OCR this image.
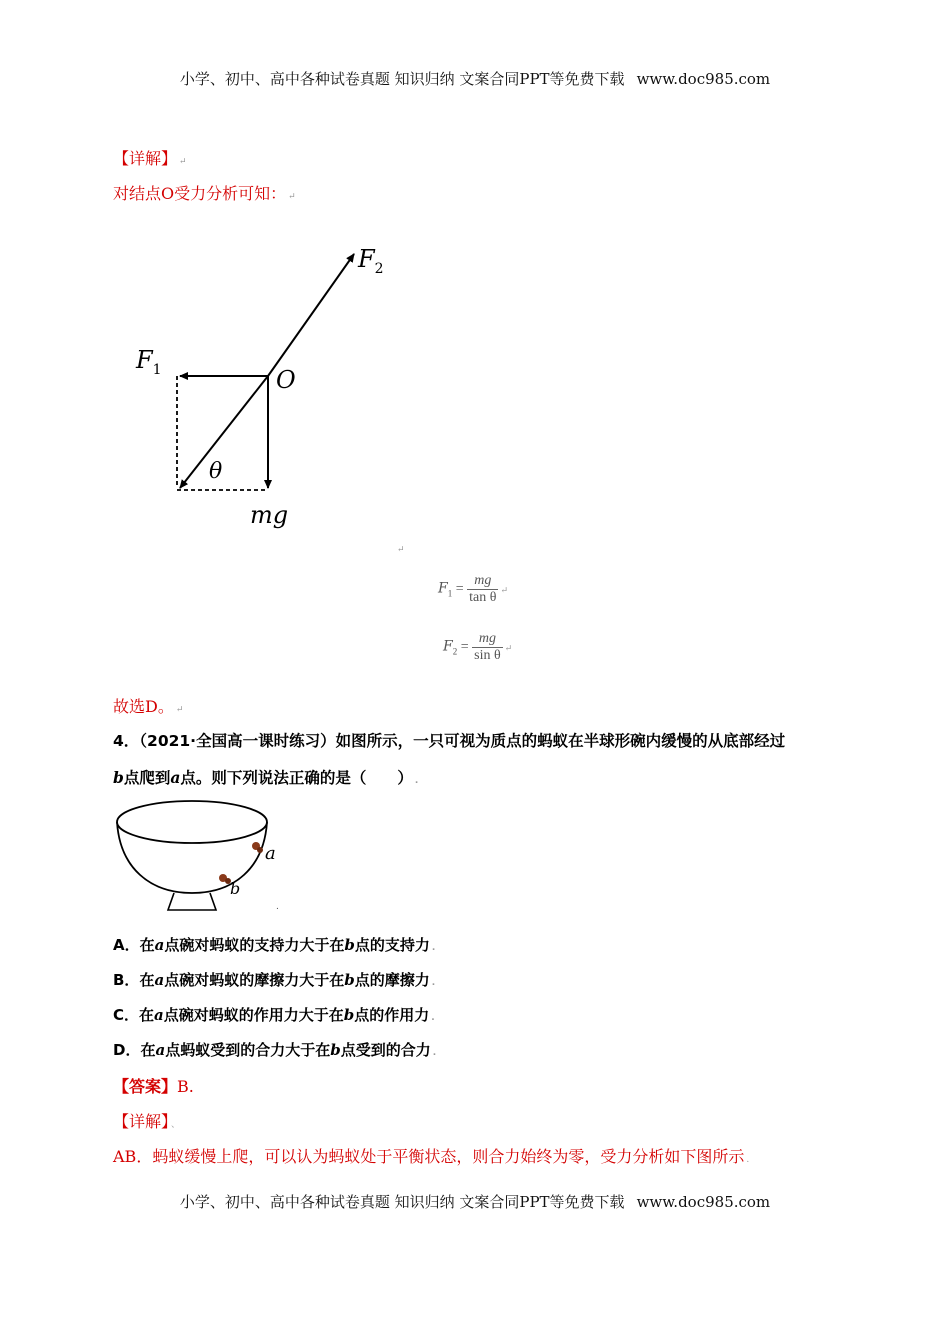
小学、初中、高中各种试卷真题 知识归纳 文案合同PPT等免费下载 www.doc985.com
【详解】 ↵
对结点O受力分析可知： ↵
$F_2$
$F_1$	O
θ
mg
↵
$F_1 = \frac{mg}{\text{tan θ}}$ ↵
$F_2 = \frac{mg}{\text{sin θ}}$ ↵
故选D。 ↵
4．（2021·全国高一课时练习）如图所示，一只可视为质点的蚂蚁在半球形碗内缓慢的从底部经过
b点爬到a点。则下列说法正确的是（　　） .
a
b
.
A．在a点碗对蚂蚁的支持力大于在b点的支持力 .
B．在a点碗对蚂蚁的摩擦力大于在b点的摩擦力 .
C．在a点碗对蚂蚁的作用力大于在b点的作用力 .
D．在a点蚂蚁受到的合力大于在b点受到的合力 .
【答案】B.
【详解】 、
AB．蚂蚁缓慢上爬，可以认为蚂蚁处于平衡状态，则合力始终为零，受力分析如下图所示 .
小学、初中、高中各种试卷真题 知识归纳 文案合同PPT等免费下载 www.doc985.com
